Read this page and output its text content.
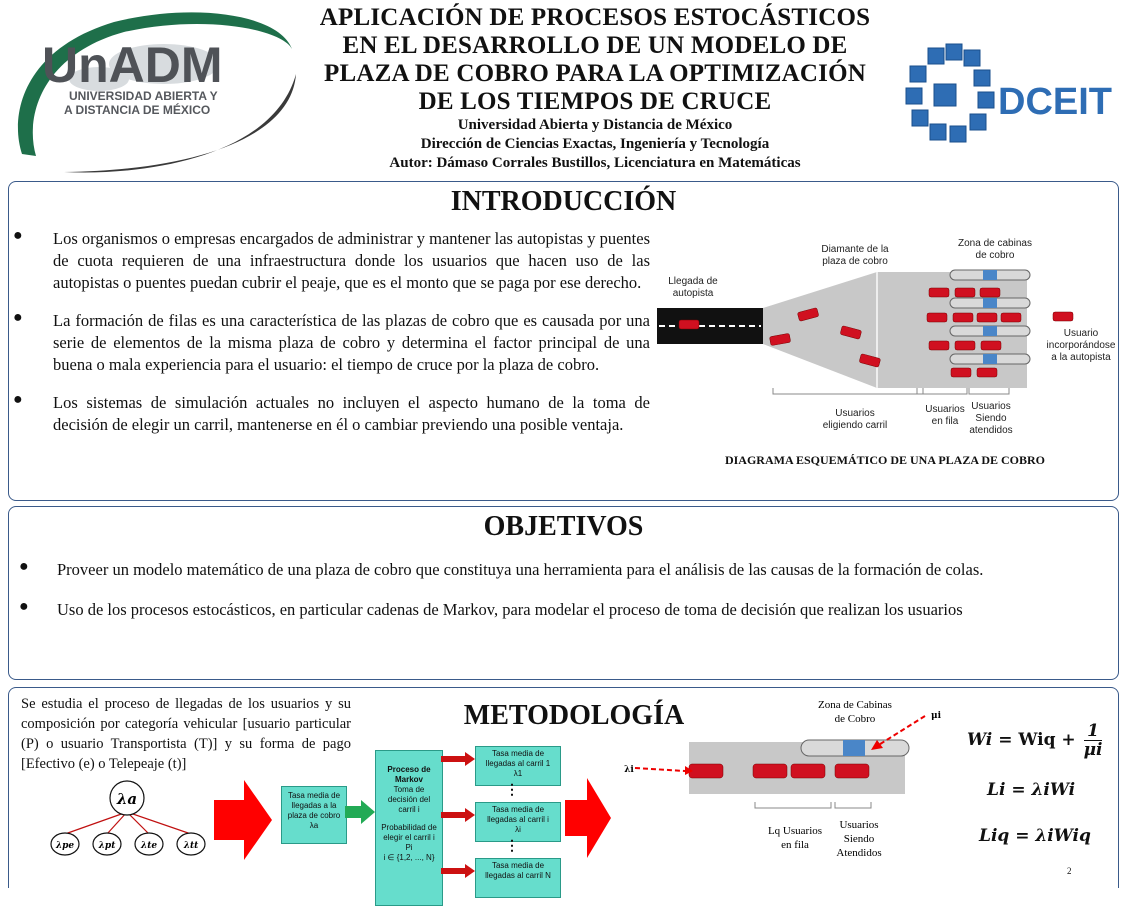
UnADM
UNIVERSIDAD ABIERTA Y
A DISTANCIA DE MÉXICO

APLICACIÓN DE PROCESOS ESTOCÁSTICOS

EN EL DESARROLLO DE UN MODELO DE

PLAZA DE COBRO PARA LA OPTIMIZACIÓN

DE LOS TIEMPOS DE CRUCE

Universidad Abierta y Distancia de México

Dirección de Ciencias Exactas, Ingeniería y Tecnología

Autor: Dámaso Corrales Bustillos, Licenciatura en Matemáticas

DCEIT
INTRODUCCIÓN
● Los organismos o empresas encargados de administrar y mantener las autopistas y puentes de cuota requieren de una infraestructura donde los usuarios que hacen uso de las autopistas o puentes puedan cubrir el peaje, que es el monto que se paga por ese derecho.
● La formación de filas es una característica de las plazas de cobro que es causada por una serie de elementos de la misma plaza de cobro y determina el factor principal de una buena o mala experiencia para el usuario: el tiempo de cruce por la plaza de cobro.
● Los sistemas de simulación actuales no incluyen el aspecto humano de la toma de decisión de elegir un carril, mantenerse en él o cambiar previendo una posible ventaja.
Llegada de
autopista
Diamante de la
plaza de cobro
Zona de cabinas
de cobro
Usuario
incorporándose
a la autopista
Usuarios
eligiendo carril
Usuarios
en fila
Usuarios
Siendo
atendidos
DIAGRAMA ESQUEMÁTICO DE UNA PLAZA DE COBRO
OBJETIVOS
● Proveer un modelo matemático de una plaza de cobro que constituya una herramienta para el análisis de las causas de la formación de colas.
● Uso de los procesos estocásticos, en particular cadenas de Markov, para modelar el proceso de toma de decisión que realizan los usuarios
Se estudia el proceso de llegadas de los usuarios y su composición por categoría vehicular [usuario particular (P) o usuario Transportista (T)] y su forma de pago [Efectivo (e) o Telepeaje (t)]
METODOLOGÍA
λa
λpe	λpt	λte	λtt
Tasa media de
llegadas a la
plaza de cobro
λa
Proceso de
Markov
Toma de
decisión del
carril i
Probabilidad de
elegir el carril i
Pi
i ∈ {1,2, ..., N}
Tasa media de
llegadas al carril 1
λ1
⋮
Tasa media de
llegadas al carril i
λi
⋮
Tasa media de
llegadas al carril N
Zona de Cabinas
de Cobro	μi
λi
Lq Usuarios
en fila
Usuarios
Siendo
Atendidos
Wi = Wiq + $\frac{1}{\mu i}$
Li = λiWi
Liq = λiWiq
2
